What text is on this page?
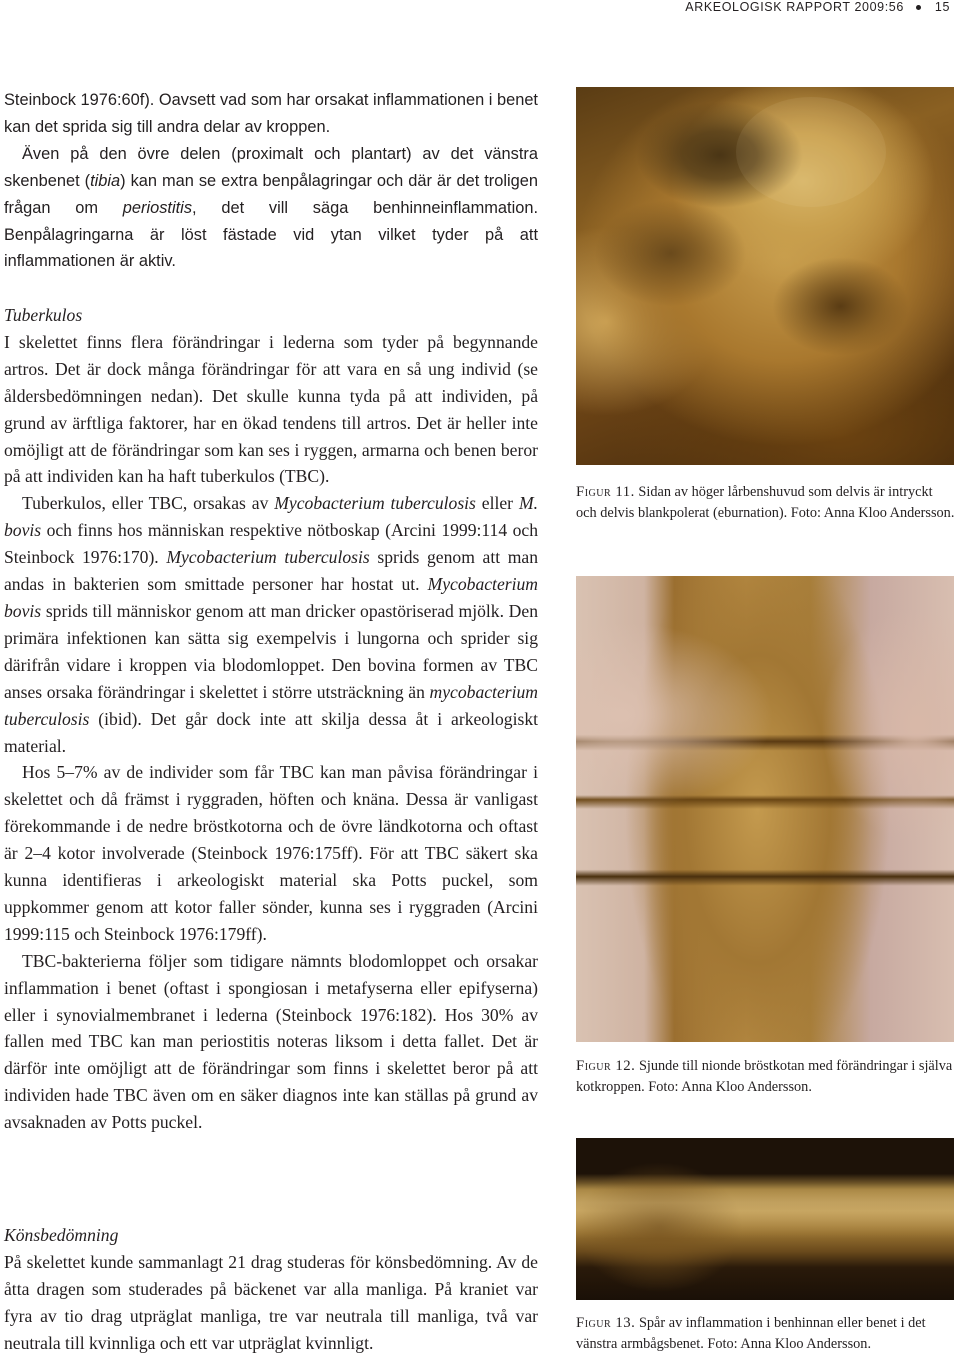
ARKEOLOGISK RAPPORT 2009:56 15

Steinbock 1976:60f). Oavsett vad som har orsakat inflammationen i benet kan det sprida sig till andra delar av kroppen.

Även på den övre delen (proximalt och plantart) av det vänstra skenbenet (tibia) kan man se extra benpålagringar och där är det troligen frågan om periostitis, det vill säga benhinneinflammation. Benpålagringarna är löst fästade vid ytan vilket tyder på att inflammationen är aktiv.

Tuberkulos

I skelettet finns flera förändringar i lederna som tyder på begynnande artros. Det är dock många förändringar för att vara en så ung individ (se åldersbedömningen nedan). Det skulle kunna tyda på att individen, på grund av ärftliga faktorer, har en ökad tendens till artros. Det är heller inte omöjligt att de förändringar som kan ses i ryggen, armarna och benen beror på att individen kan ha haft tuberkulos (TBC).

Tuberkulos, eller TBC, orsakas av Mycobacterium tuberculosis eller M. bovis och finns hos människan respektive nötboskap (Arcini 1999:114 och Steinbock 1976:170). Mycobacterium tuberculosis sprids genom att man andas in bakterien som smittade personer har hostat ut. Mycobacterium bovis sprids till människor genom att man dricker opastöriserad mjölk. Den primära infektionen kan sätta sig exempelvis i lungorna och sprider sig därifrån vidare i kroppen via blodomloppet. Den bovina formen av TBC anses orsaka förändringar i skelettet i större utsträckning än mycobacterium tuberculosis (ibid). Det går dock inte att skilja dessa åt i arkeologiskt material.

Hos 5–7% av de individer som får TBC kan man påvisa förändringar i skelettet och då främst i ryggraden, höften och knäna. Dessa är vanligast förekommande i de nedre bröstkotorna och de övre ländkotorna och oftast är 2–4 kotor involverade (Steinbock 1976:175ff). För att TBC säkert ska kunna identifieras i arkeologiskt material ska Potts puckel, som uppkommer genom att kotor faller sönder, kunna ses i ryggraden (Arcini 1999:115 och Steinbock 1976:179ff).

TBC-bakterierna följer som tidigare nämnts blodomloppet och orsakar inflammation i benet (oftast i spongiosan i metafyserna eller epifyserna) eller i synovialmembranet i lederna (Steinbock 1976:182). Hos 30% av fallen med TBC kan man periostitis noteras liksom i detta fallet. Det är därför inte omöjligt att de förändringar som finns i skelettet beror på att individen hade TBC även om en säker diagnos inte kan ställas på grund av avsaknaden av Potts puckel.

Könsbedömning

På skelettet kunde sammanlagt 21 drag studeras för könsbedömning. Av de åtta dragen som studerades på bäckenet var alla manliga. På kraniet var fyra av tio drag utpräglat manliga, tre var neutrala till manliga, två var neutrala till kvinnliga och ett var utpräglat kvinnligt.

Figur 11. Sidan av höger lårbenshuvud som delvis är intryckt och delvis blankpolerat (eburnation). Foto: Anna Kloo Andersson.

Figur 12. Sjunde till nionde bröstkotan med förändringar i själva kotkroppen. Foto: Anna Kloo Andersson.

Figur 13. Spår av inflammation i benhinnan eller benet i det vänstra armbågsbenet. Foto: Anna Kloo Andersson.
